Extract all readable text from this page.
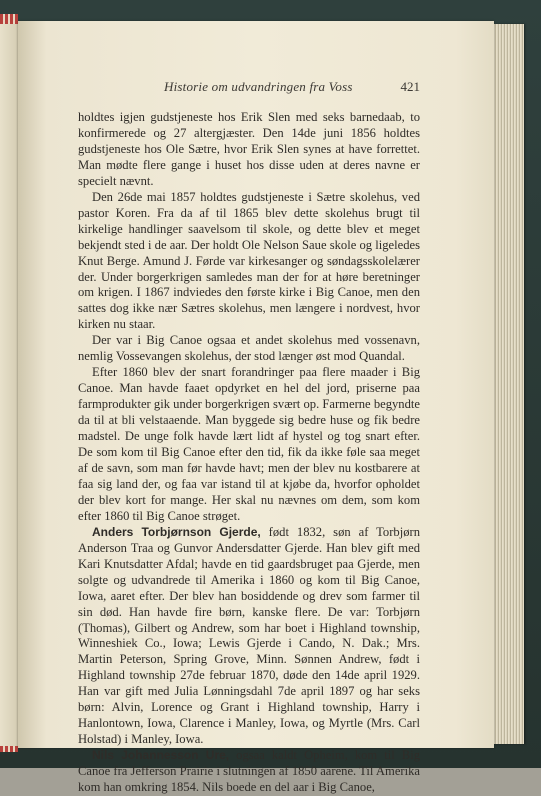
Historie om udvandringen fra Voss	421

holdtes igjen gudstjeneste hos Erik Slen med seks barnedaab, to konfirmerede og 27 altergjæster. Den 14de juni 1856 holdtes gudstjeneste hos Ole Sætre, hvor Erik Slen synes at have forrettet. Man mødte flere gange i huset hos disse uden at deres navne er specielt nævnt.

Den 26de mai 1857 holdtes gudstjeneste i Sætre skolehus, ved pastor Koren. Fra da af til 1865 blev dette skolehus brugt til kirkelige handlinger saavelsom til skole, og dette blev et meget bekjendt sted i de aar. Der holdt Ole Nelson Saue skole og ligeledes Knut Berge. Amund J. Førde var kirkesanger og søndagsskolelærer der. Under borgerkrigen samledes man der for at høre beretninger om krigen. I 1867 indviedes den første kirke i Big Canoe, men den sattes dog ikke nær Sætres skolehus, men længere i nordvest, hvor kirken nu staar.

Der var i Big Canoe ogsaa et andet skolehus med vossenavn, nemlig Vossevangen skolehus, der stod længer øst mod Quandal.

Efter 1860 blev der snart forandringer paa flere maader i Big Canoe. Man havde faaet opdyrket en hel del jord, priserne paa farmprodukter gik under borgerkrigen svært op. Farmerne begyndte da til at bli velstaaende. Man byggede sig bedre huse og fik bedre madstel. De unge folk havde lært lidt af hystel og tog snart efter. De som kom til Big Canoe efter den tid, fik da ikke føle saa meget af de savn, som man før havde havt; men der blev nu kostbarere at faa sig land der, og faa var istand til at kjøbe da, hvorfor opholdet der blev kort for mange. Her skal nu nævnes om dem, som kom efter 1860 til Big Canoe strøget.

Anders Torbjørnson Gjerde, født 1832, søn af Torbjørn Anderson Traa og Gunvor Andersdatter Gjerde. Han blev gift med Kari Knutsdatter Afdal; havde en tid gaardsbruget paa Gjerde, men solgte og udvandrede til Amerika i 1860 og kom til Big Canoe, Iowa, aaret efter. Der blev han bosiddende og drev som farmer til sin død. Han havde fire børn, kanske flere. De var: Torbjørn (Thomas), Gilbert og Andrew, som har boet i Highland township, Winneshiek Co., Iowa; Lewis Gjerde i Cando, N. Dak.; Mrs. Martin Peterson, Spring Grove, Minn. Sønnen Andrew, født i Highland township 27de februar 1870, døde den 14de april 1929. Han var gift med Julia Lønningsdahl 7de april 1897 og har seks børn: Alvin, Lorence og Grant i Highland township, Harry i Hanlontown, Iowa, Clarence i Manley, Iowa, og Myrtle (Mrs. Carl Holstad) i Manley, Iowa.

Nils Johannesson Ure, ogsaa kaldt Opheim, kom til Big Canoe fra Jefferson Prairie i slutningen af 1850 aarene. Til Amerika kom han omkring 1854. Nils boede en del aar i Big Canoe,
